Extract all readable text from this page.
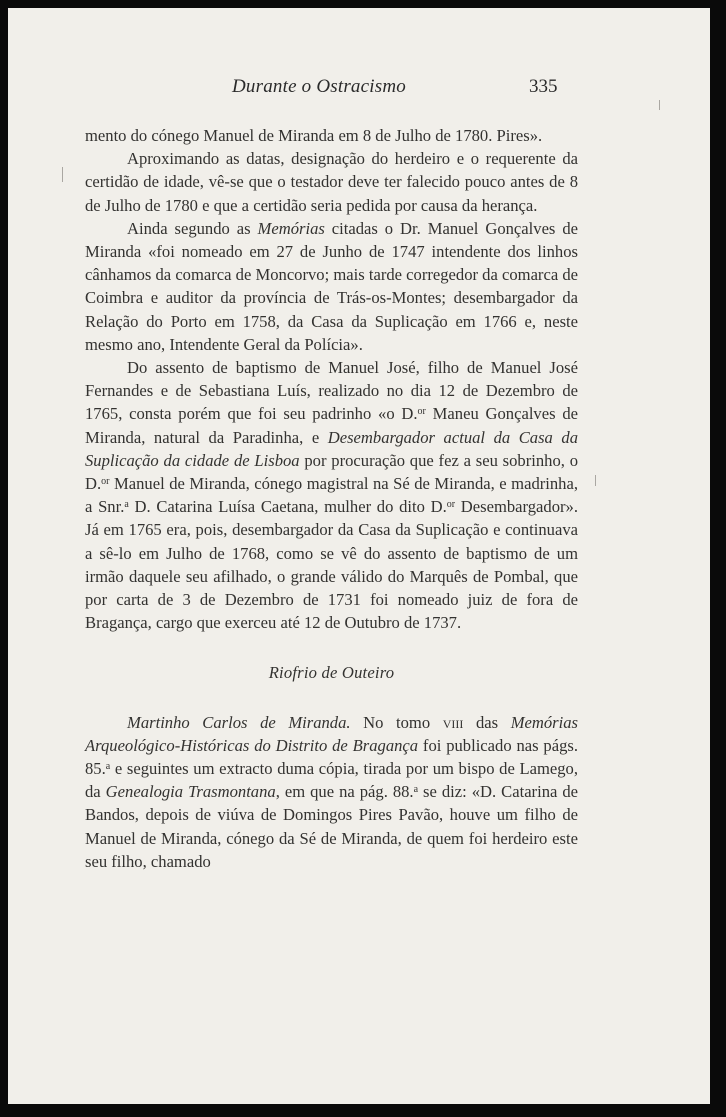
Durante o Ostracismo	335

mento do cónego Manuel de Miranda em 8 de Julho de 1780. Pires».

Aproximando as datas, designação do herdeiro e o requerente da certidão de idade, vê-se que o testador deve ter falecido pouco antes de 8 de Julho de 1780 e que a certidão seria pedida por causa da herança.

Ainda segundo as Memórias citadas o Dr. Manuel Gonçalves de Miranda «foi nomeado em 27 de Junho de 1747 intendente dos linhos cânhamos da comarca de Moncorvo; mais tarde corregedor da comarca de Coimbra e auditor da província de Trás-os-Montes; desembargador da Relação do Porto em 1758, da Casa da Suplicação em 1766 e, neste mesmo ano, Intendente Geral da Polícia».

Do assento de baptismo de Manuel José, filho de Manuel José Fernandes e de Sebastiana Luís, realizado no dia 12 de Dezembro de 1765, consta porém que foi seu padrinho «o D.$^{or}$ Maneu Gonçalves de Miranda, natural da Paradinha, e Desembargador actual da Casa da Suplicação da cidade de Lisboa por procuração que fez a seu sobrinho, o D.$^{or}$ Manuel de Miranda, cónego magistral na Sé de Miranda, e madrinha, a Snr.$^a$ D. Catarina Luísa Caetana, mulher do dito D.$^{or}$ Desembargador». Já em 1765 era, pois, desembargador da Casa da Suplicação e continuava a sê-lo em Julho de 1768, como se vê do assento de baptismo de um irmão daquele seu afilhado, o grande válido do Marquês de Pombal, que por carta de 3 de Dezembro de 1731 foi nomeado juiz de fora de Bragança, cargo que exerceu até 12 de Outubro de 1737.

Riofrio de Outeiro

Martinho Carlos de Miranda. No tomo viii das Memórias Arqueológico-Históricas do Distrito de Bragança foi publicado nas págs. 85.$^a$ e seguintes um extracto duma cópia, tirada por um bispo de Lamego, da Genealogia Trasmontana, em que na pág. 88.$^a$ se diz: «D. Catarina de Bandos, depois de viúva de Domingos Pires Pavão, houve um filho de Manuel de Miranda, cónego da Sé de Miranda, de quem foi herdeiro este seu filho, chamado
